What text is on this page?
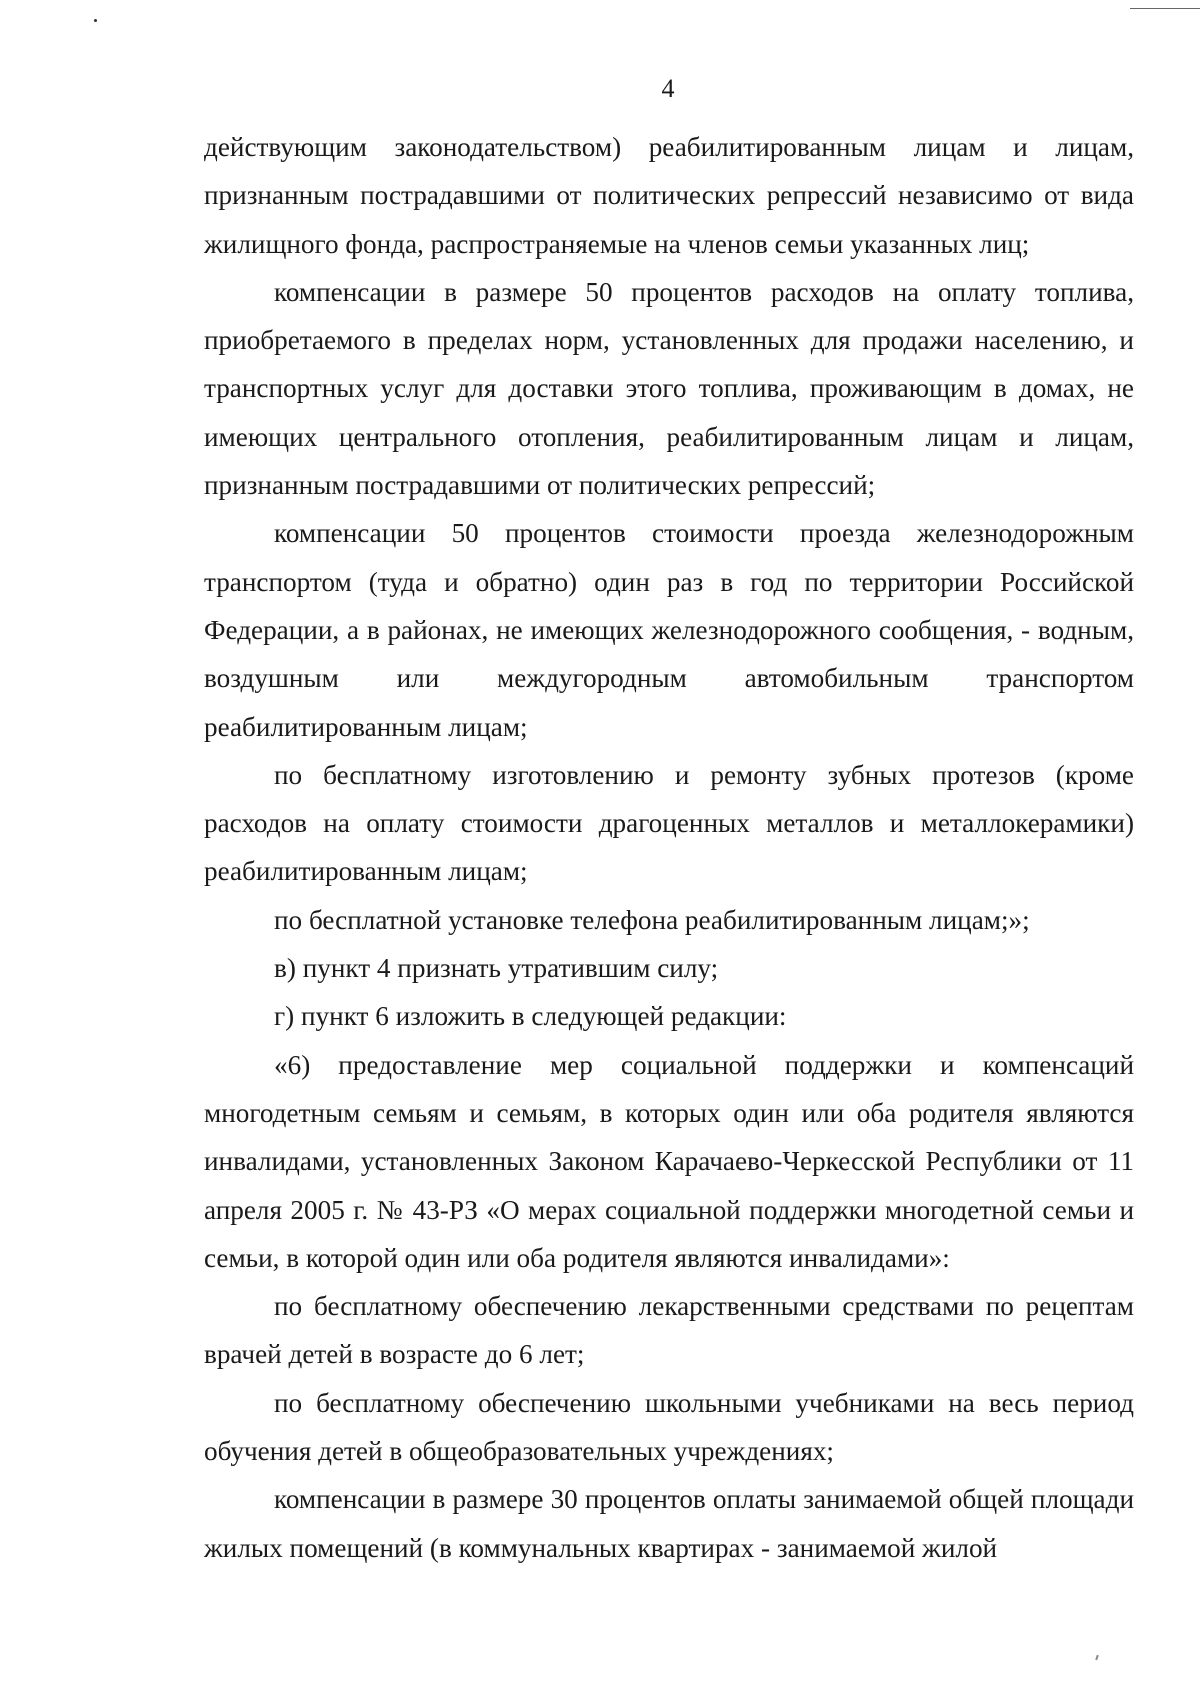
4

действующим законодательством) реабилитированным лицам и лицам, признанным пострадавшими от политических репрессий независимо от вида жилищного фонда, распространяемые на членов семьи указанных лиц;

компенсации в размере 50 процентов расходов на оплату топлива, приобретаемого в пределах норм, установленных для продажи населению, и транспортных услуг для доставки этого топлива, проживающим в домах, не имеющих центрального отопления, реабилитированным лицам и лицам, признанным пострадавшими от политических репрессий;

компенсации 50 процентов стоимости проезда железнодорожным транспортом (туда и обратно) один раз в год по территории Российской Федерации, а в районах, не имеющих железнодорожного сообщения, - водным, воздушным или междугородным автомобильным транспортом реабилитированным лицам;

по бесплатному изготовлению и ремонту зубных протезов (кроме расходов на оплату стоимости драгоценных металлов и металлокерамики) реабилитированным лицам;

по бесплатной установке телефона реабилитированным лицам;»;

в) пункт 4 признать утратившим силу;

г) пункт 6 изложить в следующей редакции:

«6) предоставление мер социальной поддержки и компенсаций многодетным семьям и семьям, в которых один или оба родителя являются инвалидами, установленных Законом Карачаево-Черкесской Республики от 11 апреля 2005 г. № 43-РЗ «О мерах социальной поддержки многодетной семьи и семьи, в которой один или оба родителя являются инвалидами»:

по бесплатному обеспечению лекарственными средствами по рецептам врачей детей в возрасте до 6 лет;

по бесплатному обеспечению школьными учебниками на весь период обучения детей в общеобразовательных учреждениях;

компенсации в размере 30 процентов оплаты занимаемой общей площади жилых помещений (в коммунальных квартирах - занимаемой жилой
